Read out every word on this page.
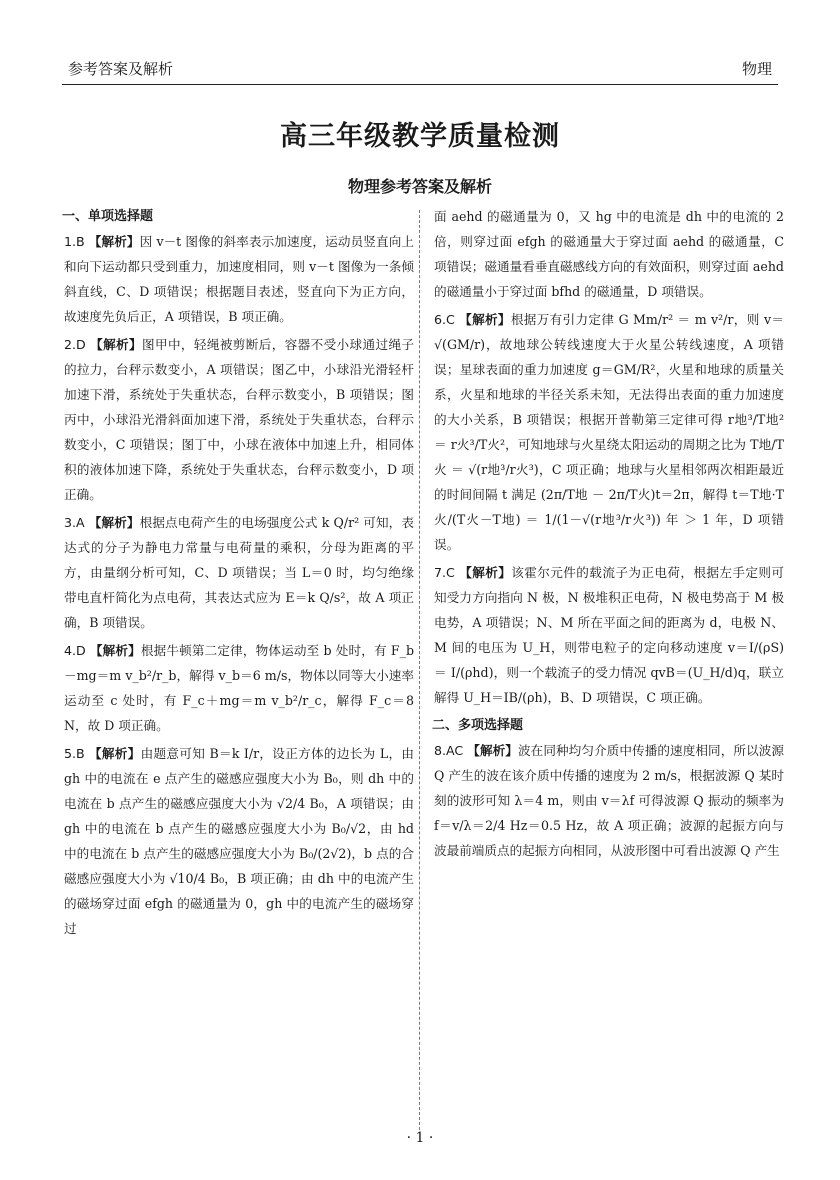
参考答案及解析	物理
高三年级教学质量检测
物理参考答案及解析
一、单项选择题
1.B 【解析】因 v－t 图像的斜率表示加速度，运动员竖直向上和向下运动都只受到重力，加速度相同，则 v－t 图像为一条倾斜直线，C、D 项错误；根据题目表述，竖直向下为正方向，故速度先负后正，A 项错误，B 项正确。
2.D 【解析】图甲中，轻绳被剪断后，容器不受小球通过绳子的拉力，台秤示数变小，A 项错误；图乙中，小球沿光滑轻杆加速下滑，系统处于失重状态，台秤示数变小，B 项错误；图丙中，小球沿光滑斜面加速下滑，系统处于失重状态，台秤示数变小，C 项错误；图丁中，小球在液体中加速上升，相同体积的液体加速下降，系统处于失重状态，台秤示数变小，D 项正确。
3.A 【解析】根据点电荷产生的电场强度公式 k Q/r² 可知，表达式的分子为静电力常量与电荷量的乘积，分母为距离的平方，由量纲分析可知，C、D 项错误；当 L＝0 时，均匀绝缘带电直杆简化为点电荷，其表达式应为 E＝k Q/s²，故 A 项正确，B 项错误。
4.D 【解析】根据牛顿第二定律，物体运动至 b 处时，有 F_b－mg＝m v_b²/r_b，解得 v_b＝6 m/s，物体以同等大小速率运动至 c 处时，有 F_c＋mg＝m v_b²/r_c，解得 F_c＝8 N，故 D 项正确。
5.B 【解析】由题意可知 B＝k I/r，设正方体的边长为 L，由 gh 中的电流在 e 点产生的磁感应强度大小为 B₀，则 dh 中的电流在 b 点产生的磁感应强度大小为 √2/4 B₀，A 项错误；由 gh 中的电流在 b 点产生的磁感应强度大小为 B₀/√2，由 hd 中的电流在 b 点产生的磁感应强度大小为 B₀/(2√2)，b 点的合磁感应强度大小为 √10/4 B₀，B 项正确；由 dh 中的电流产生的磁场穿过面 efgh 的磁通量为 0，gh 中的电流产生的磁场穿过
面 aehd 的磁通量为 0，又 hg 中的电流是 dh 中的电流的 2 倍，则穿过面 efgh 的磁通量大于穿过面 aehd 的磁通量，C 项错误；磁通量看垂直磁感线方向的有效面积，则穿过面 aehd 的磁通量小于穿过面 bfhd 的磁通量，D 项错误。
6.C 【解析】根据万有引力定律 G Mm/r² ＝ m v²/r，则 v＝√(GM/r)，故地球公转线速度大于火星公转线速度，A 项错误；星球表面的重力加速度 g＝GM/R²，火星和地球的质量关系，火星和地球的半径关系未知，无法得出表面的重力加速度的大小关系，B 项错误；根据开普勒第三定律可得 r地³/T地² ＝ r火³/T火²，可知地球与火星绕太阳运动的周期之比为 T地/T火 ＝ √(r地³/r火³)，C 项正确；地球与火星相邻两次相距最近的时间间隔 t 满足 (2π/T地 － 2π/T火)t＝2π，解得 t＝T地·T火/(T火－T地) ＝ 1/(1－√(r地³/r火³)) 年 ＞ 1 年，D 项错误。
7.C 【解析】该霍尔元件的载流子为正电荷，根据左手定则可知受力方向指向 N 极，N 极堆积正电荷，N 极电势高于 M 极电势，A 项错误；N、M 所在平面之间的距离为 d，电极 N、M 间的电压为 U_H，则带电粒子的定向移动速度 v＝I/(ρS) ＝ I/(ρhd)，则一个载流子的受力情况 qvB＝(U_H/d)q，联立解得 U_H＝IB/(ρh)，B、D 项错误，C 项正确。
二、多项选择题
8.AC 【解析】波在同种均匀介质中传播的速度相同，所以波源 Q 产生的波在该介质中传播的速度为 2 m/s，根据波源 Q 某时刻的波形可知 λ＝4 m，则由 v＝λf 可得波源 Q 振动的频率为 f＝v/λ＝2/4 Hz＝0.5 Hz，故 A 项正确；波源的起振方向与波最前端质点的起振方向相同，从波形图中可看出波源 Q 产生
· 1 ·
